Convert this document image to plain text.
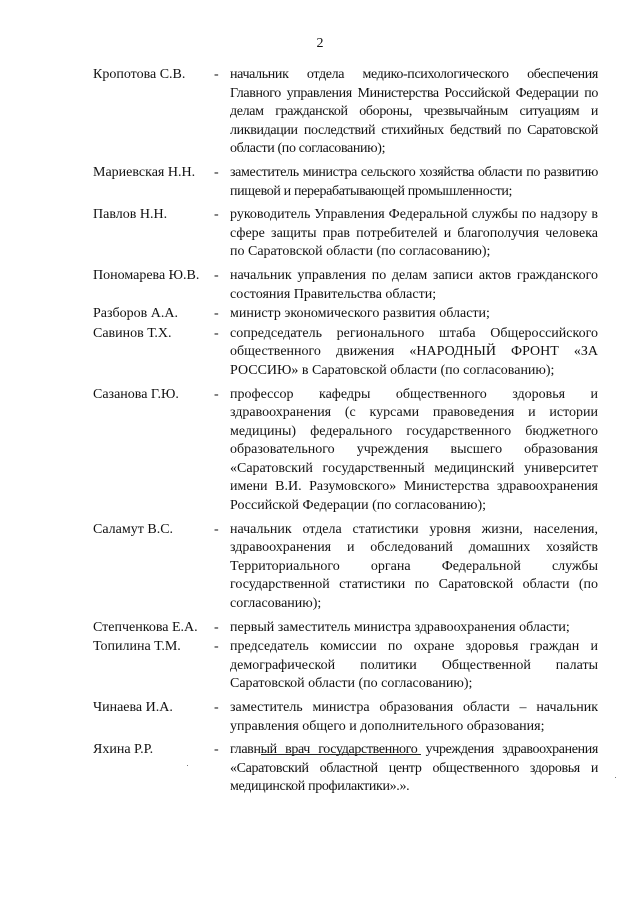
2
Кропотова С.В.	- начальник отдела медико-психологического обеспечения Главного управления Министерства Российской Федерации по делам гражданской обороны, чрезвычайным ситуациям и ликвидации последствий стихийных бедствий по Саратовской области (по согласованию);
Мариевская Н.Н.	- заместитель министра сельского хозяйства области по развитию пищевой и перерабатывающей промышленности;
Павлов Н.Н.	- руководитель Управления Федеральной службы по надзору в сфере защиты прав потребителей и благополучия человека по Саратовской области (по согласованию);
Пономарева Ю.В.	- начальник управления по делам записи актов гражданского состояния Правительства области;
Разборов А.А.	- министр экономического развития области;
Савинов Т.Х.	- сопредседатель регионального штаба Общероссийского общественного движения «НАРОДНЫЙ ФРОНТ «ЗА РОССИЮ» в Саратовской области (по согласованию);
Сазанова Г.Ю.	- профессор кафедры общественного здоровья и здравоохранения (с курсами правоведения и истории медицины) федерального государственного бюджетного образовательного учреждения высшего образования «Саратовский государственный медицинский университет имени В.И. Разумовского» Министерства здравоохранения Российской Федерации (по согласованию);
Саламут В.С.	- начальник отдела статистики уровня жизни, населения, здравоохранения и обследований домашних хозяйств Территориального органа Федеральной службы государственной статистики по Саратовской области (по согласованию);
Степченкова Е.А.	- первый заместитель министра здравоохранения области;
Топилина Т.М.	- председатель комиссии по охране здоровья граждан и демографической политики Общественной палаты Саратовской области (по согласованию);
Чинаева И.А.	- заместитель министра образования области – начальник управления общего и дополнительного образования;
Яхина Р.Р.	- главный врач государственного учреждения здравоохранения «Саратовский областной центр общественного здоровья и медицинской профилактики».».
